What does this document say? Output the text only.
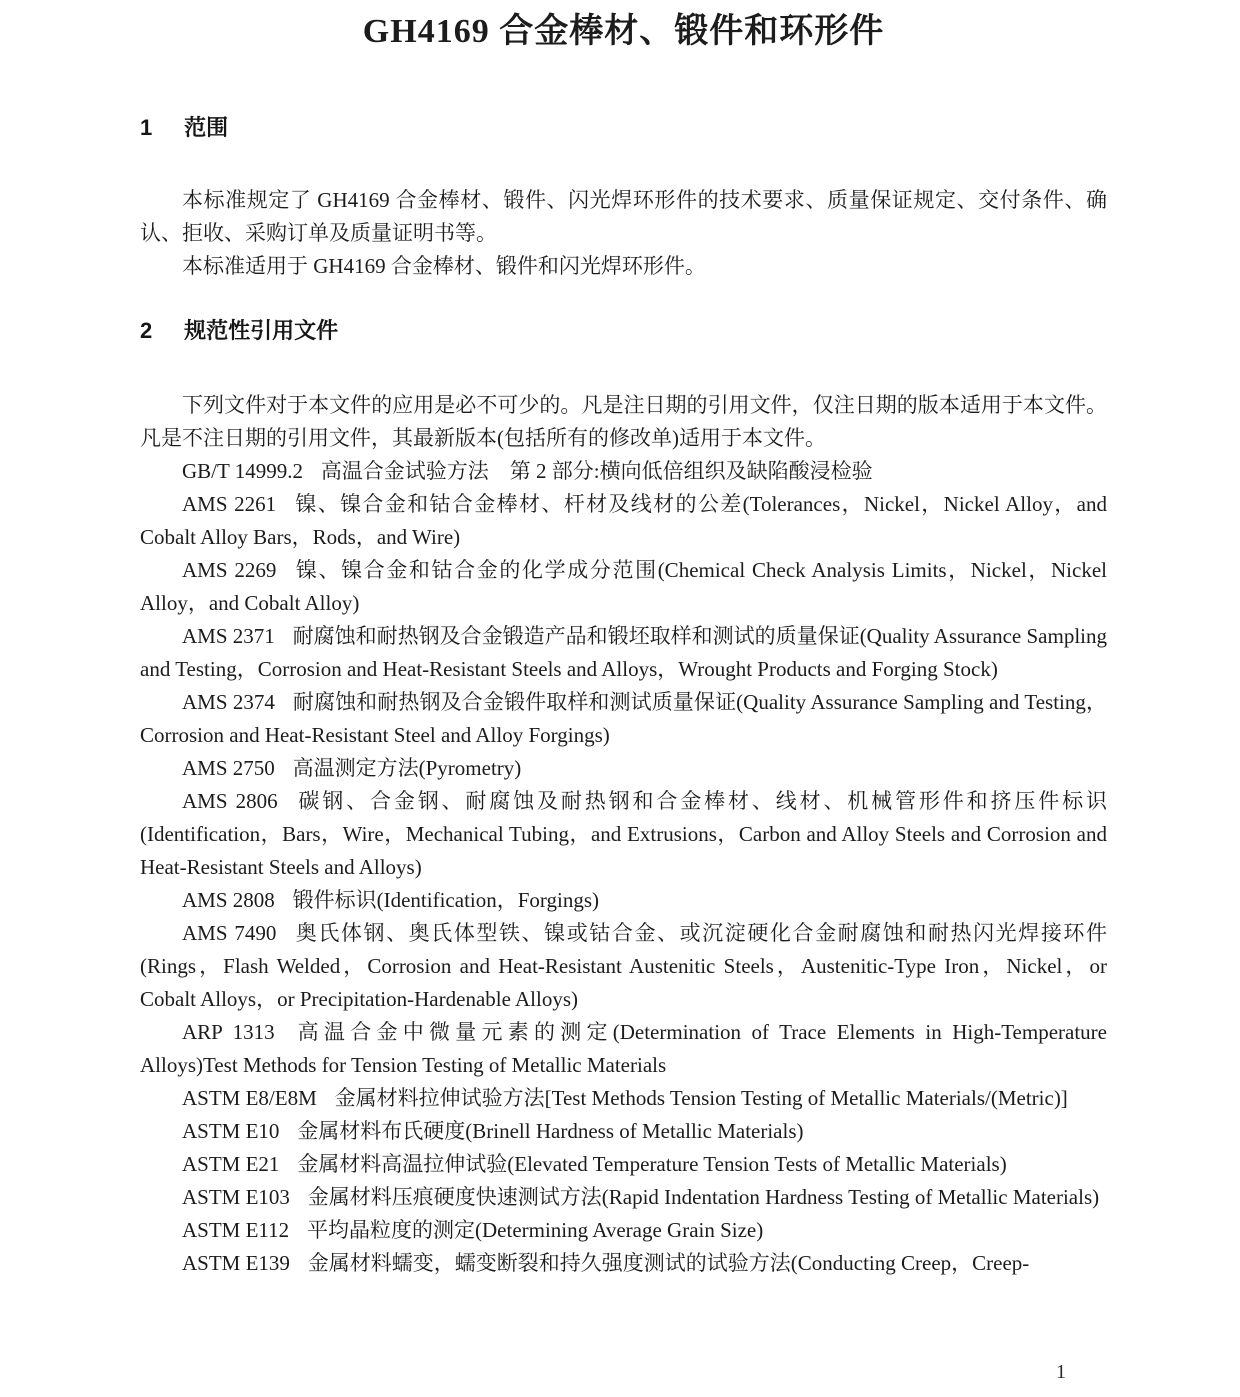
GH4169 合金棒材、锻件和环形件
1 范围

本标准规定了 GH4169 合金棒材、锻件、闪光焊环形件的技术要求、质量保证规定、交付条件、确认、拒收、采购订单及质量证明书等。

本标准适用于 GH4169 合金棒材、锻件和闪光焊环形件。

2 规范性引用文件

下列文件对于本文件的应用是必不可少的。凡是注日期的引用文件，仅注日期的版本适用于本文件。凡是不注日期的引用文件，其最新版本(包括所有的修改单)适用于本文件。

GB/T 14999.2 高温合金试验方法　第 2 部分:横向低倍组织及缺陷酸浸检验

AMS 2261 镍、镍合金和钴合金棒材、杆材及线材的公差(Tolerances，Nickel，Nickel Alloy，and Cobalt Alloy Bars，Rods，and Wire)

AMS 2269 镍、镍合金和钴合金的化学成分范围(Chemical Check Analysis Limits，Nickel，Nickel Alloy，and Cobalt Alloy)

AMS 2371 耐腐蚀和耐热钢及合金锻造产品和锻坯取样和测试的质量保证(Quality Assurance Sampling and Testing，Corrosion and Heat-Resistant Steels and Alloys，Wrought Products and Forging Stock)

AMS 2374 耐腐蚀和耐热钢及合金锻件取样和测试质量保证(Quality Assurance Sampling and Testing，Corrosion and Heat-Resistant Steel and Alloy Forgings)

AMS 2750 高温测定方法(Pyrometry)

AMS 2806 碳钢、合金钢、耐腐蚀及耐热钢和合金棒材、线材、机械管形件和挤压件标识(Identification，Bars，Wire，Mechanical Tubing，and Extrusions，Carbon and Alloy Steels and Corrosion and Heat-Resistant Steels and Alloys)

AMS 2808 锻件标识(Identification，Forgings)

AMS 7490 奥氏体钢、奥氏体型铁、镍或钴合金、或沉淀硬化合金耐腐蚀和耐热闪光焊接环件(Rings，Flash Welded，Corrosion and Heat-Resistant Austenitic Steels，Austenitic-Type Iron，Nickel，or Cobalt Alloys，or Precipitation-Hardenable Alloys)

ARP 1313 高温合金中微量元素的测定(Determination of Trace Elements in High-Temperature Alloys)Test Methods for Tension Testing of Metallic Materials

ASTM E8/E8M 金属材料拉伸试验方法[Test Methods Tension Testing of Metallic Materials/(Metric)]

ASTM E10 金属材料布氏硬度(Brinell Hardness of Metallic Materials)

ASTM E21 金属材料高温拉伸试验(Elevated Temperature Tension Tests of Metallic Materials)

ASTM E103 金属材料压痕硬度快速测试方法(Rapid Indentation Hardness Testing of Metallic Materials)

ASTM E112 平均晶粒度的测定(Determining Average Grain Size)

ASTM E139 金属材料蠕变，蠕变断裂和持久强度测试的试验方法(Conducting Creep，Creep-

1
